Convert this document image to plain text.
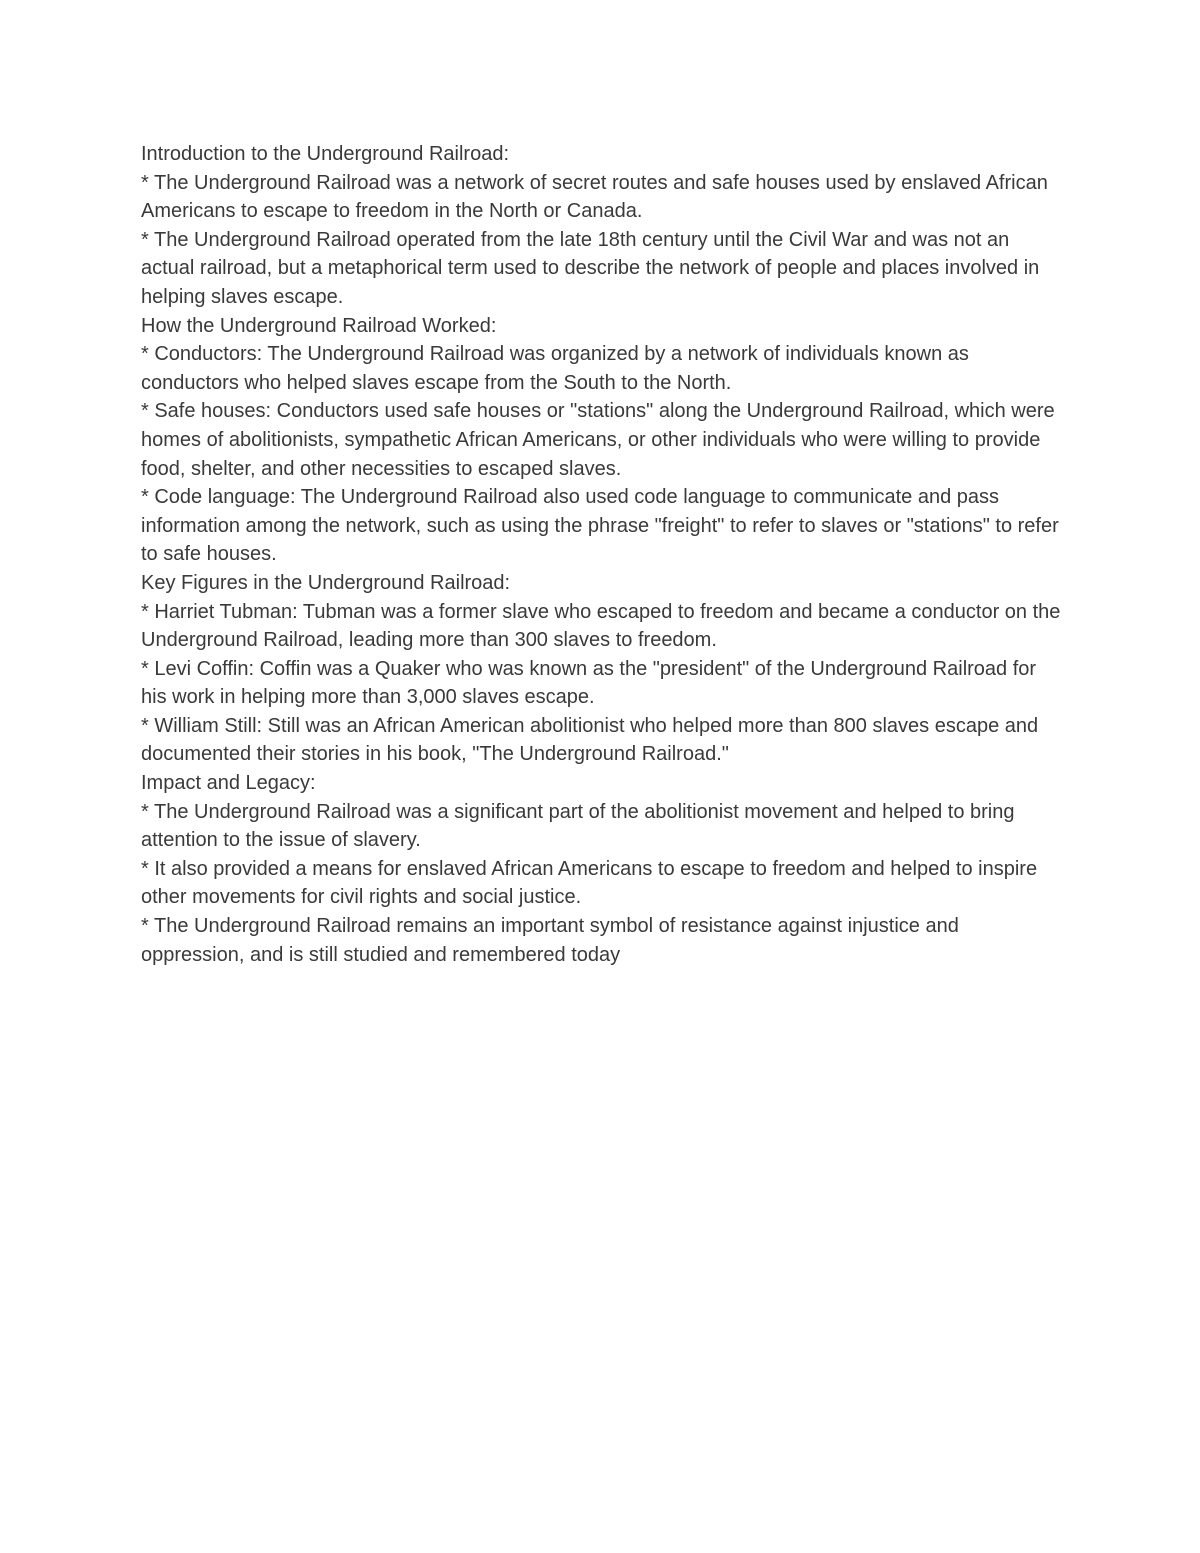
Introduction to the Underground Railroad:

* The Underground Railroad was a network of secret routes and safe houses used by enslaved African Americans to escape to freedom in the North or Canada.

* The Underground Railroad operated from the late 18th century until the Civil War and was not an actual railroad, but a metaphorical term used to describe the network of people and places involved in helping slaves escape.

How the Underground Railroad Worked:

* Conductors: The Underground Railroad was organized by a network of individuals known as conductors who helped slaves escape from the South to the North.

* Safe houses: Conductors used safe houses or "stations" along the Underground Railroad, which were homes of abolitionists, sympathetic African Americans, or other individuals who were willing to provide food, shelter, and other necessities to escaped slaves.

* Code language: The Underground Railroad also used code language to communicate and pass information among the network, such as using the phrase "freight" to refer to slaves or "stations" to refer to safe houses.

Key Figures in the Underground Railroad:

* Harriet Tubman: Tubman was a former slave who escaped to freedom and became a conductor on the Underground Railroad, leading more than 300 slaves to freedom.

* Levi Coffin: Coffin was a Quaker who was known as the "president" of the Underground Railroad for his work in helping more than 3,000 slaves escape.

* William Still: Still was an African American abolitionist who helped more than 800 slaves escape and documented their stories in his book, "The Underground Railroad."

Impact and Legacy:

* The Underground Railroad was a significant part of the abolitionist movement and helped to bring attention to the issue of slavery.

* It also provided a means for enslaved African Americans to escape to freedom and helped to inspire other movements for civil rights and social justice.

* The Underground Railroad remains an important symbol of resistance against injustice and oppression, and is still studied and remembered today
